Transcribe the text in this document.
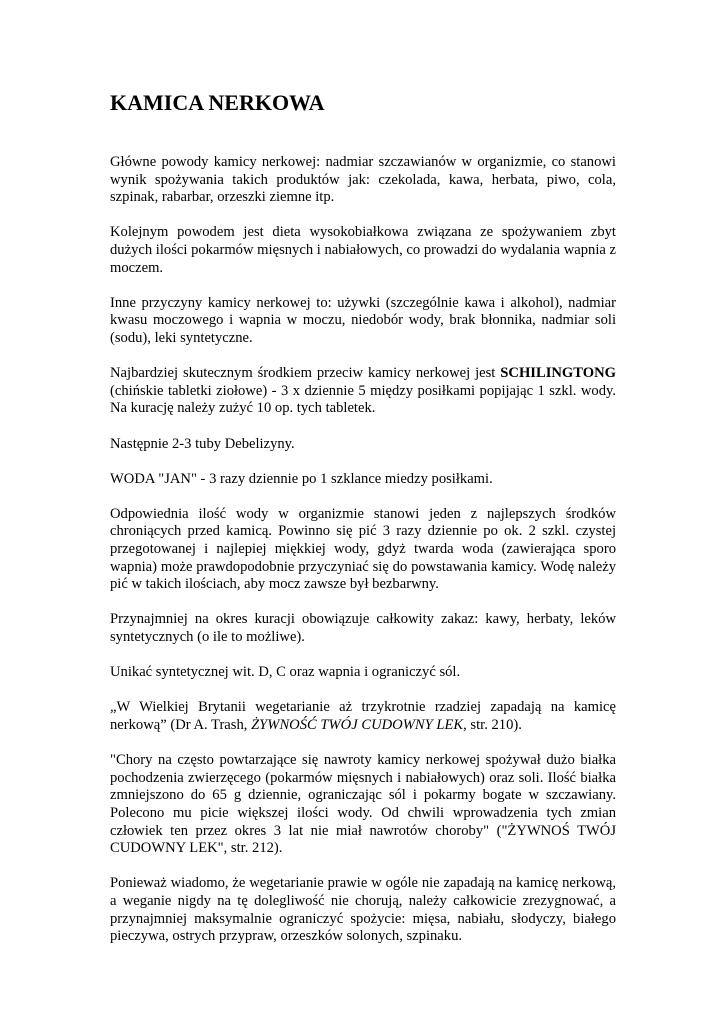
KAMICA NERKOWA

Główne powody kamicy nerkowej: nadmiar szczawianów w organizmie, co stanowi wynik spożywania takich produktów jak: czekolada, kawa, herbata, piwo, cola, szpinak, rabarbar, orzeszki ziemne itp.

Kolejnym powodem jest dieta wysokobiałkowa związana ze spożywaniem zbyt dużych ilości pokarmów mięsnych i nabiałowych, co prowadzi do wydalania wapnia z moczem.

Inne przyczyny kamicy nerkowej to: używki (szczególnie kawa i alkohol), nadmiar kwasu moczowego i wapnia w moczu, niedobór wody, brak błonnika, nadmiar soli (sodu), leki syntetyczne.

Najbardziej skutecznym środkiem przeciw kamicy nerkowej jest SCHILINGTONG (chińskie tabletki ziołowe) - 3 x dziennie 5 między posiłkami popijając 1 szkl. wody. Na kurację należy zużyć 10 op. tych tabletek.

Następnie 2-3 tuby Debelizyny.

WODA "JAN" - 3 razy dziennie po 1 szklance miedzy posiłkami.

Odpowiednia ilość wody w organizmie stanowi jeden z najlepszych środków chroniących przed kamicą. Powinno się pić 3 razy dziennie po ok. 2 szkl. czystej przegotowanej i najlepiej miękkiej wody, gdyż twarda woda (zawierająca sporo wapnia) może prawdopodobnie przyczyniać się do powstawania kamicy. Wodę należy pić w takich ilościach, aby mocz zawsze był bezbarwny.

Przynajmniej na okres kuracji obowiązuje całkowity zakaz: kawy, herbaty, leków syntetycznych (o ile to możliwe).

Unikać syntetycznej wit. D, C oraz wapnia i ograniczyć sól.

„W Wielkiej Brytanii wegetarianie aż trzykrotnie rzadziej zapadają na kamicę nerkową” (Dr A. Trash, ŻYWNOŚĆ TWÓJ CUDOWNY LEK, str. 210).

"Chory na często powtarzające się nawroty kamicy nerkowej spożywał dużo białka pochodzenia zwierzęcego (pokarmów mięsnych i nabiałowych) oraz soli. Ilość białka zmniejszono do 65 g dziennie, ograniczając sól i pokarmy bogate w szczawiany. Polecono mu picie większej ilości wody. Od chwili wprowadzenia tych zmian człowiek ten przez okres 3 lat nie miał nawrotów choroby" ("ŻYWNOŚ TWÓJ CUDOWNY LEK", str. 212).

Ponieważ wiadomo, że wegetarianie prawie w ogóle nie zapadają na kamicę nerkową, a weganie nigdy na tę dolegliwość nie chorują, należy całkowicie zrezygnować, a przynajmniej maksymalnie ograniczyć spożycie: mięsa, nabiału, słodyczy, białego pieczywa, ostrych przypraw, orzeszków solonych, szpinaku.
